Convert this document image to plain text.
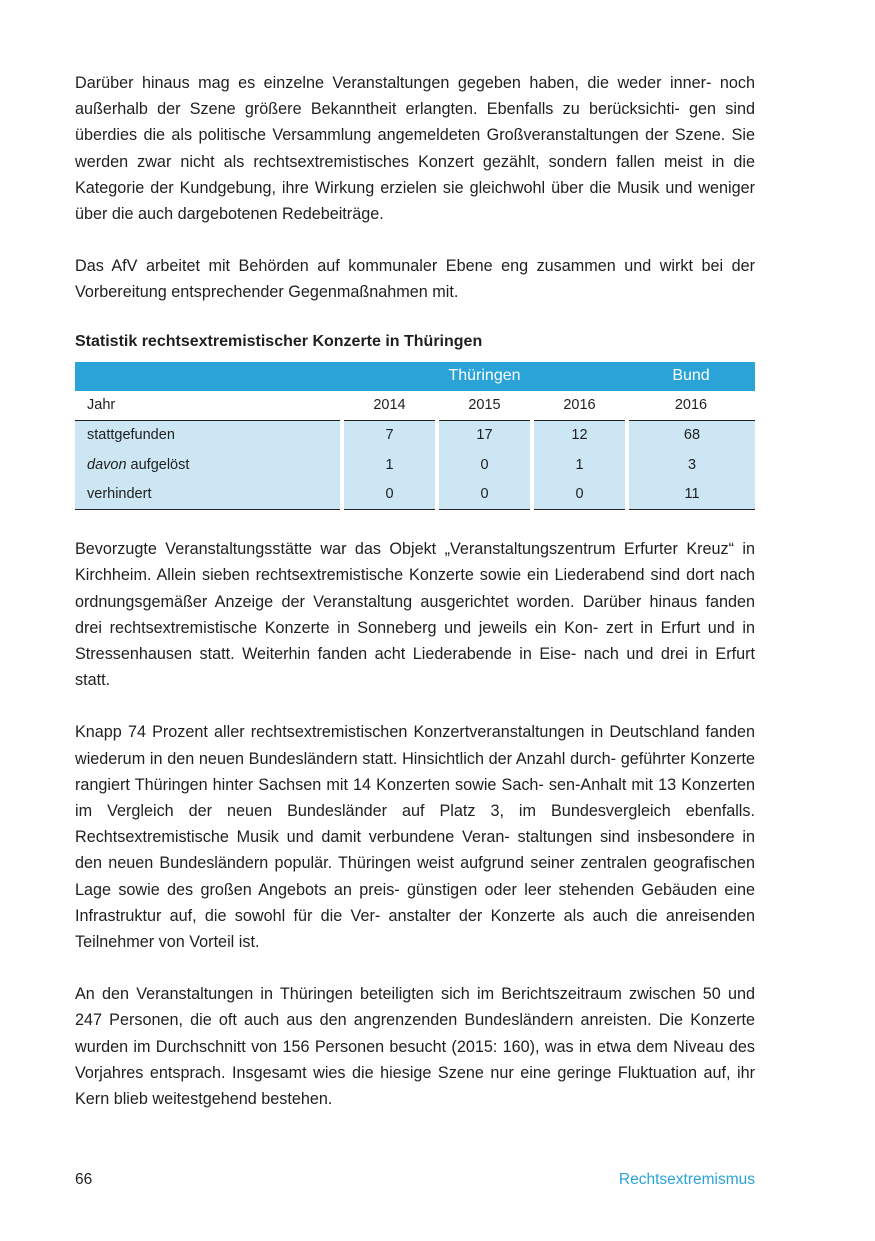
Darüber hinaus mag es einzelne Veranstaltungen gegeben haben, die weder inner- noch außerhalb der Szene größere Bekanntheit erlangten. Ebenfalls zu berücksichti- gen sind überdies die als politische Versammlung angemeldeten Großveranstaltungen der Szene. Sie werden zwar nicht als rechtsextremistisches Konzert gezählt, sondern fallen meist in die Kategorie der Kundgebung, ihre Wirkung erzielen sie gleichwohl über die Musik und weniger über die auch dargebotenen Redebeiträge.

Das AfV arbeitet mit Behörden auf kommunaler Ebene eng zusammen und wirkt bei der Vorbereitung entsprechender Gegenmaßnahmen mit.

Statistik rechtsextremistischer Konzerte in Thüringen
	Thüringen			Bund
Jahr	2014	2015	2016	2016
stattgefunden	7	17	12	68
davon aufgelöst	1	0	1	3
verhindert	0	0	0	11

Bevorzugte Veranstaltungsstätte war das Objekt „Veranstaltungszentrum Erfurter Kreuz“ in Kirchheim. Allein sieben rechtsextremistische Konzerte sowie ein Liederabend sind dort nach ordnungsgemäßer Anzeige der Veranstaltung ausgerichtet worden. Darüber hinaus fanden drei rechtsextremistische Konzerte in Sonneberg und jeweils ein Kon- zert in Erfurt und in Stressenhausen statt. Weiterhin fanden acht Liederabende in Eise- nach und drei in Erfurt statt.

Knapp 74 Prozent aller rechtsextremistischen Konzertveranstaltungen in Deutschland fanden wiederum in den neuen Bundesländern statt. Hinsichtlich der Anzahl durch- geführter Konzerte rangiert Thüringen hinter Sachsen mit 14 Konzerten sowie Sach- sen-Anhalt mit 13 Konzerten im Vergleich der neuen Bundesländer auf Platz 3, im Bundesvergleich ebenfalls. Rechtsextremistische Musik und damit verbundene Veran- staltungen sind insbesondere in den neuen Bundesländern populär. Thüringen weist aufgrund seiner zentralen geografischen Lage sowie des großen Angebots an preis- günstigen oder leer stehenden Gebäuden eine Infrastruktur auf, die sowohl für die Ver- anstalter der Konzerte als auch die anreisenden Teilnehmer von Vorteil ist.

An den Veranstaltungen in Thüringen beteiligten sich im Berichtszeitraum zwischen 50 und 247 Personen, die oft auch aus den angrenzenden Bundesländern anreisten. Die Konzerte wurden im Durchschnitt von 156 Personen besucht (2015: 160), was in etwa dem Niveau des Vorjahres entsprach. Insgesamt wies die hiesige Szene nur eine geringe Fluktuation auf, ihr Kern blieb weitestgehend bestehen.

66	Rechtsextremismus
